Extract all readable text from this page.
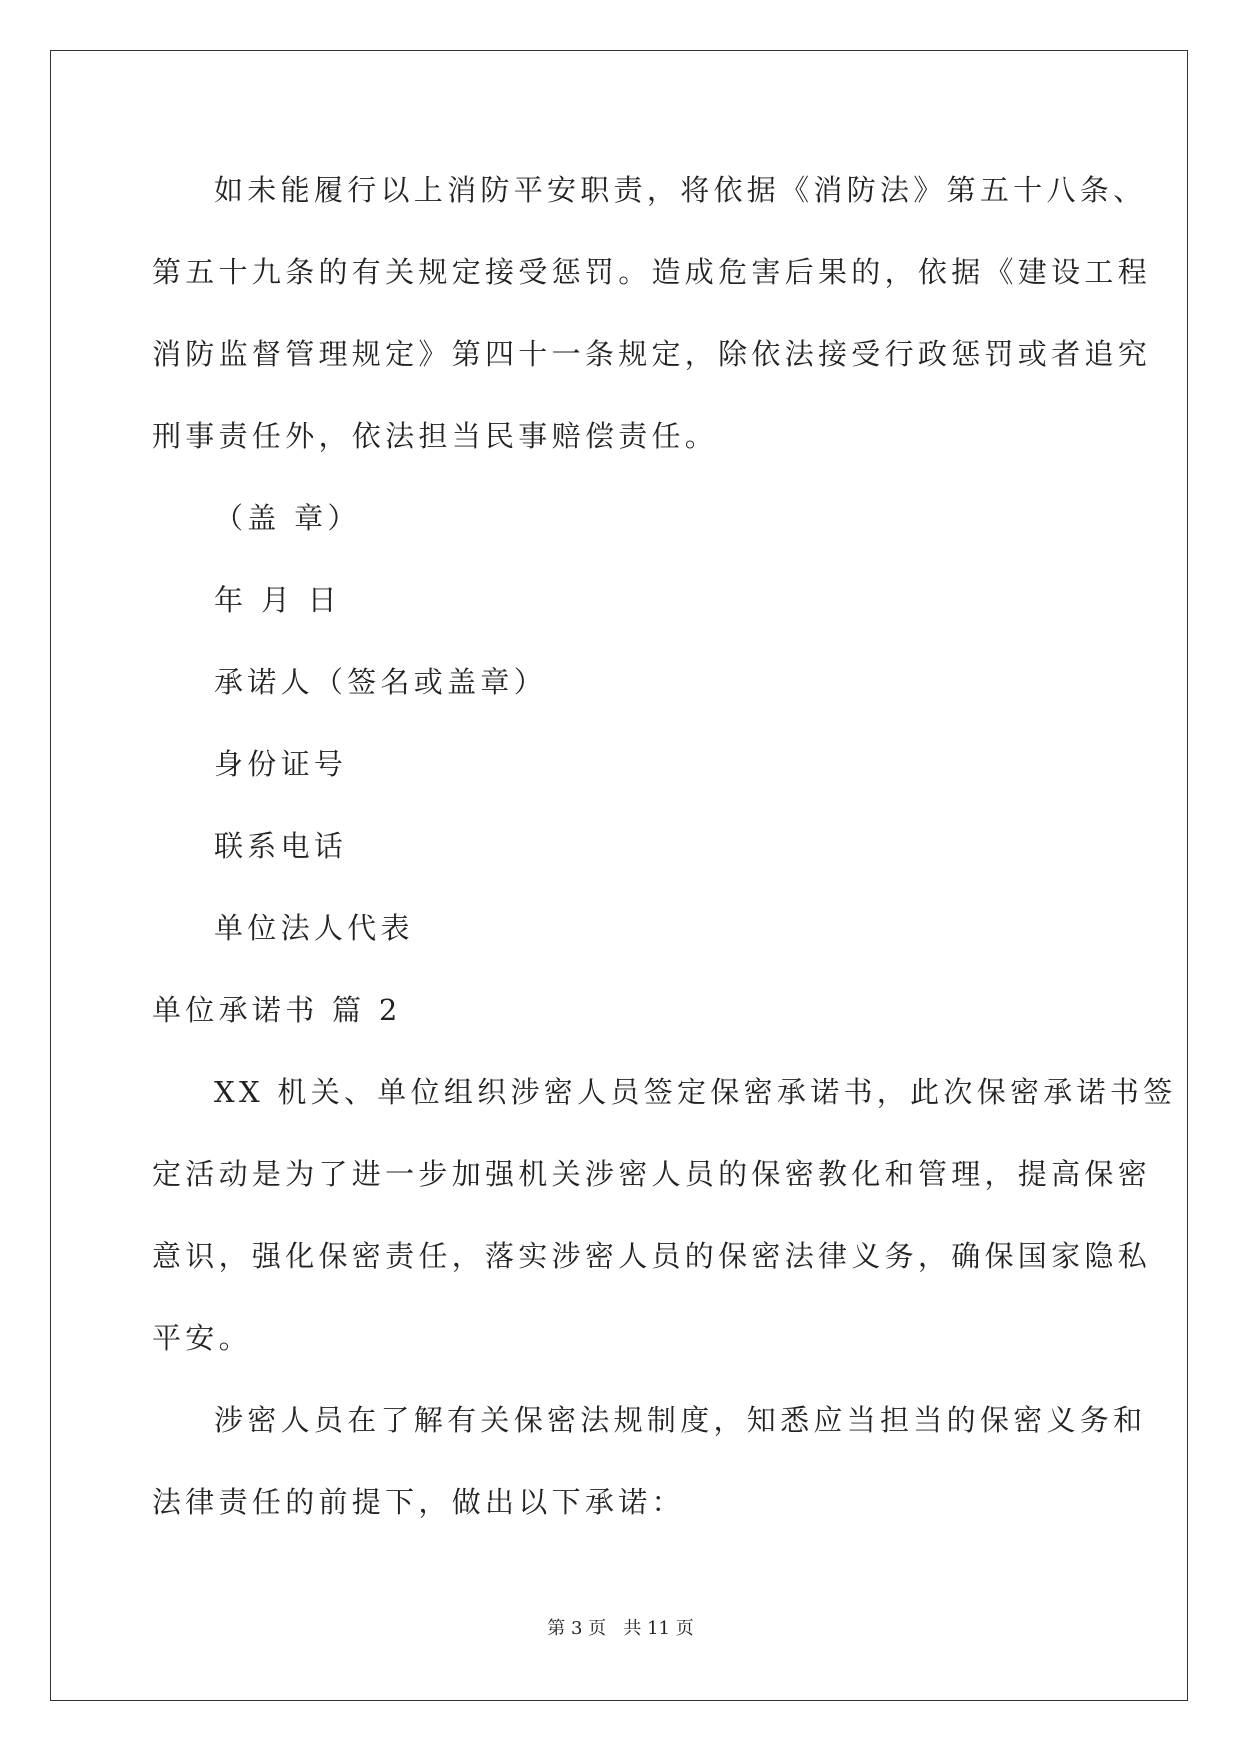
如未能履行以上消防平安职责，将依据《消防法》第五十八条、

第五十九条的有关规定接受惩罚。造成危害后果的，依据《建设工程

消防监督管理规定》第四十一条规定，除依法接受行政惩罚或者追究

刑事责任外，依法担当民事赔偿责任。

（盖 章）

年 月 日

承诺人（签名或盖章）

身份证号

联系电话

单位法人代表

单位承诺书 篇 2

XX 机关、单位组织涉密人员签定保密承诺书，此次保密承诺书签

定活动是为了进一步加强机关涉密人员的保密教化和管理，提高保密

意识，强化保密责任，落实涉密人员的保密法律义务，确保国家隐私

平安。

涉密人员在了解有关保密法规制度，知悉应当担当的保密义务和

法律责任的前提下，做出以下承诺：

第 3 页   共 11 页
